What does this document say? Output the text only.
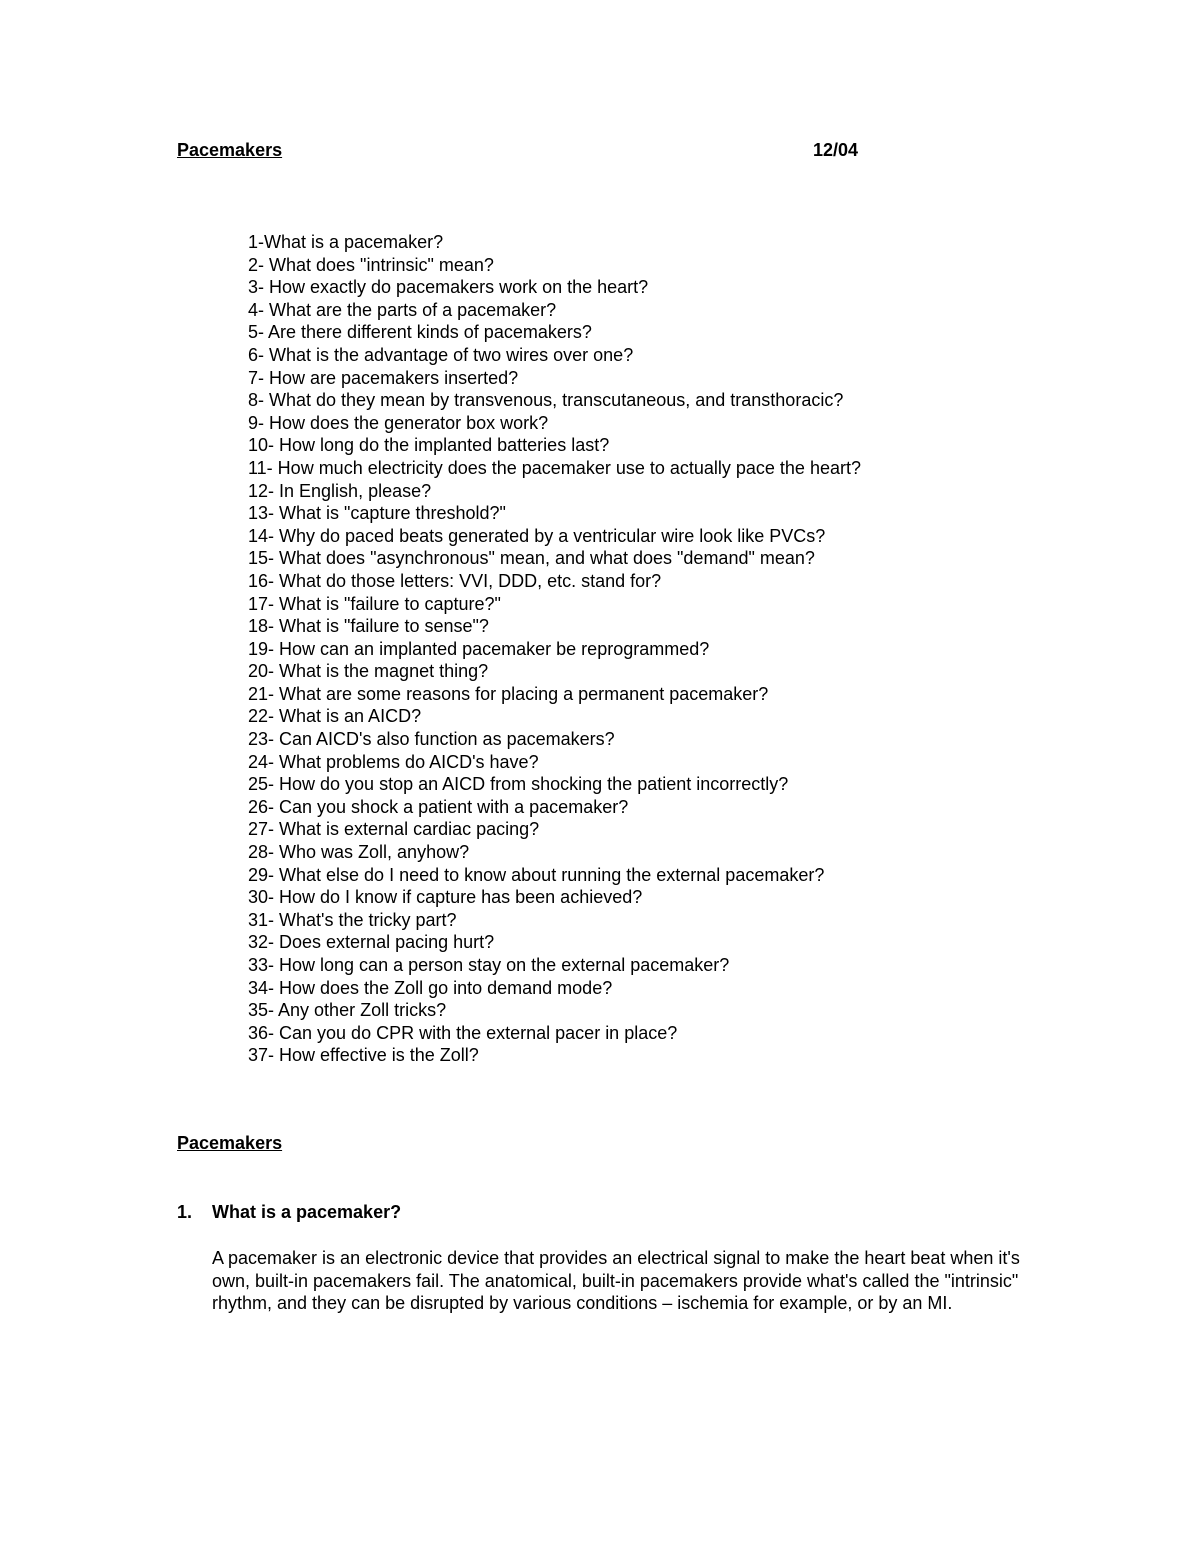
Pacemakers	12/04
1-What is a pacemaker?
2- What does "intrinsic" mean?
3- How exactly do pacemakers work on the heart?
4- What are the parts of a pacemaker?
5- Are there different kinds of pacemakers?
6- What is the advantage of two wires over one?
7- How are pacemakers inserted?
8- What do they mean by transvenous, transcutaneous, and transthoracic?
9- How does the generator box work?
10- How long do the implanted batteries last?
11- How much electricity does the pacemaker use to actually pace the heart?
12- In English, please?
13- What is "capture threshold?"
14- Why do paced beats generated by a ventricular wire look like PVCs?
15- What does "asynchronous" mean, and what does "demand" mean?
16- What do those letters: VVI, DDD, etc. stand for?
17- What is "failure to capture?"
18- What is "failure to sense"?
19- How can an implanted pacemaker be reprogrammed?
20- What is the magnet thing?
21- What are some reasons for placing a permanent pacemaker?
22- What is an AICD?
23- Can AICD's also function as pacemakers?
24- What problems do AICD's have?
25- How do you stop an AICD from shocking the patient incorrectly?
26- Can you shock a patient with a pacemaker?
27- What is external cardiac pacing?
28- Who was Zoll, anyhow?
29- What else do I need to know about running the external pacemaker?
30- How do I know if capture has been achieved?
31- What's the tricky part?
32- Does external pacing hurt?
33- How long can a person stay on the external pacemaker?
34- How does the Zoll go into demand mode?
35- Any other Zoll tricks?
36- Can you do CPR with the external pacer in place?
37- How effective is the Zoll?
Pacemakers
1. What is a pacemaker?

A pacemaker is an electronic device that provides an electrical signal to make the heart beat when it's own, built-in pacemakers fail. The anatomical, built-in pacemakers provide what's called the "intrinsic" rhythm, and they can be disrupted by various conditions – ischemia for example, or by an MI.
